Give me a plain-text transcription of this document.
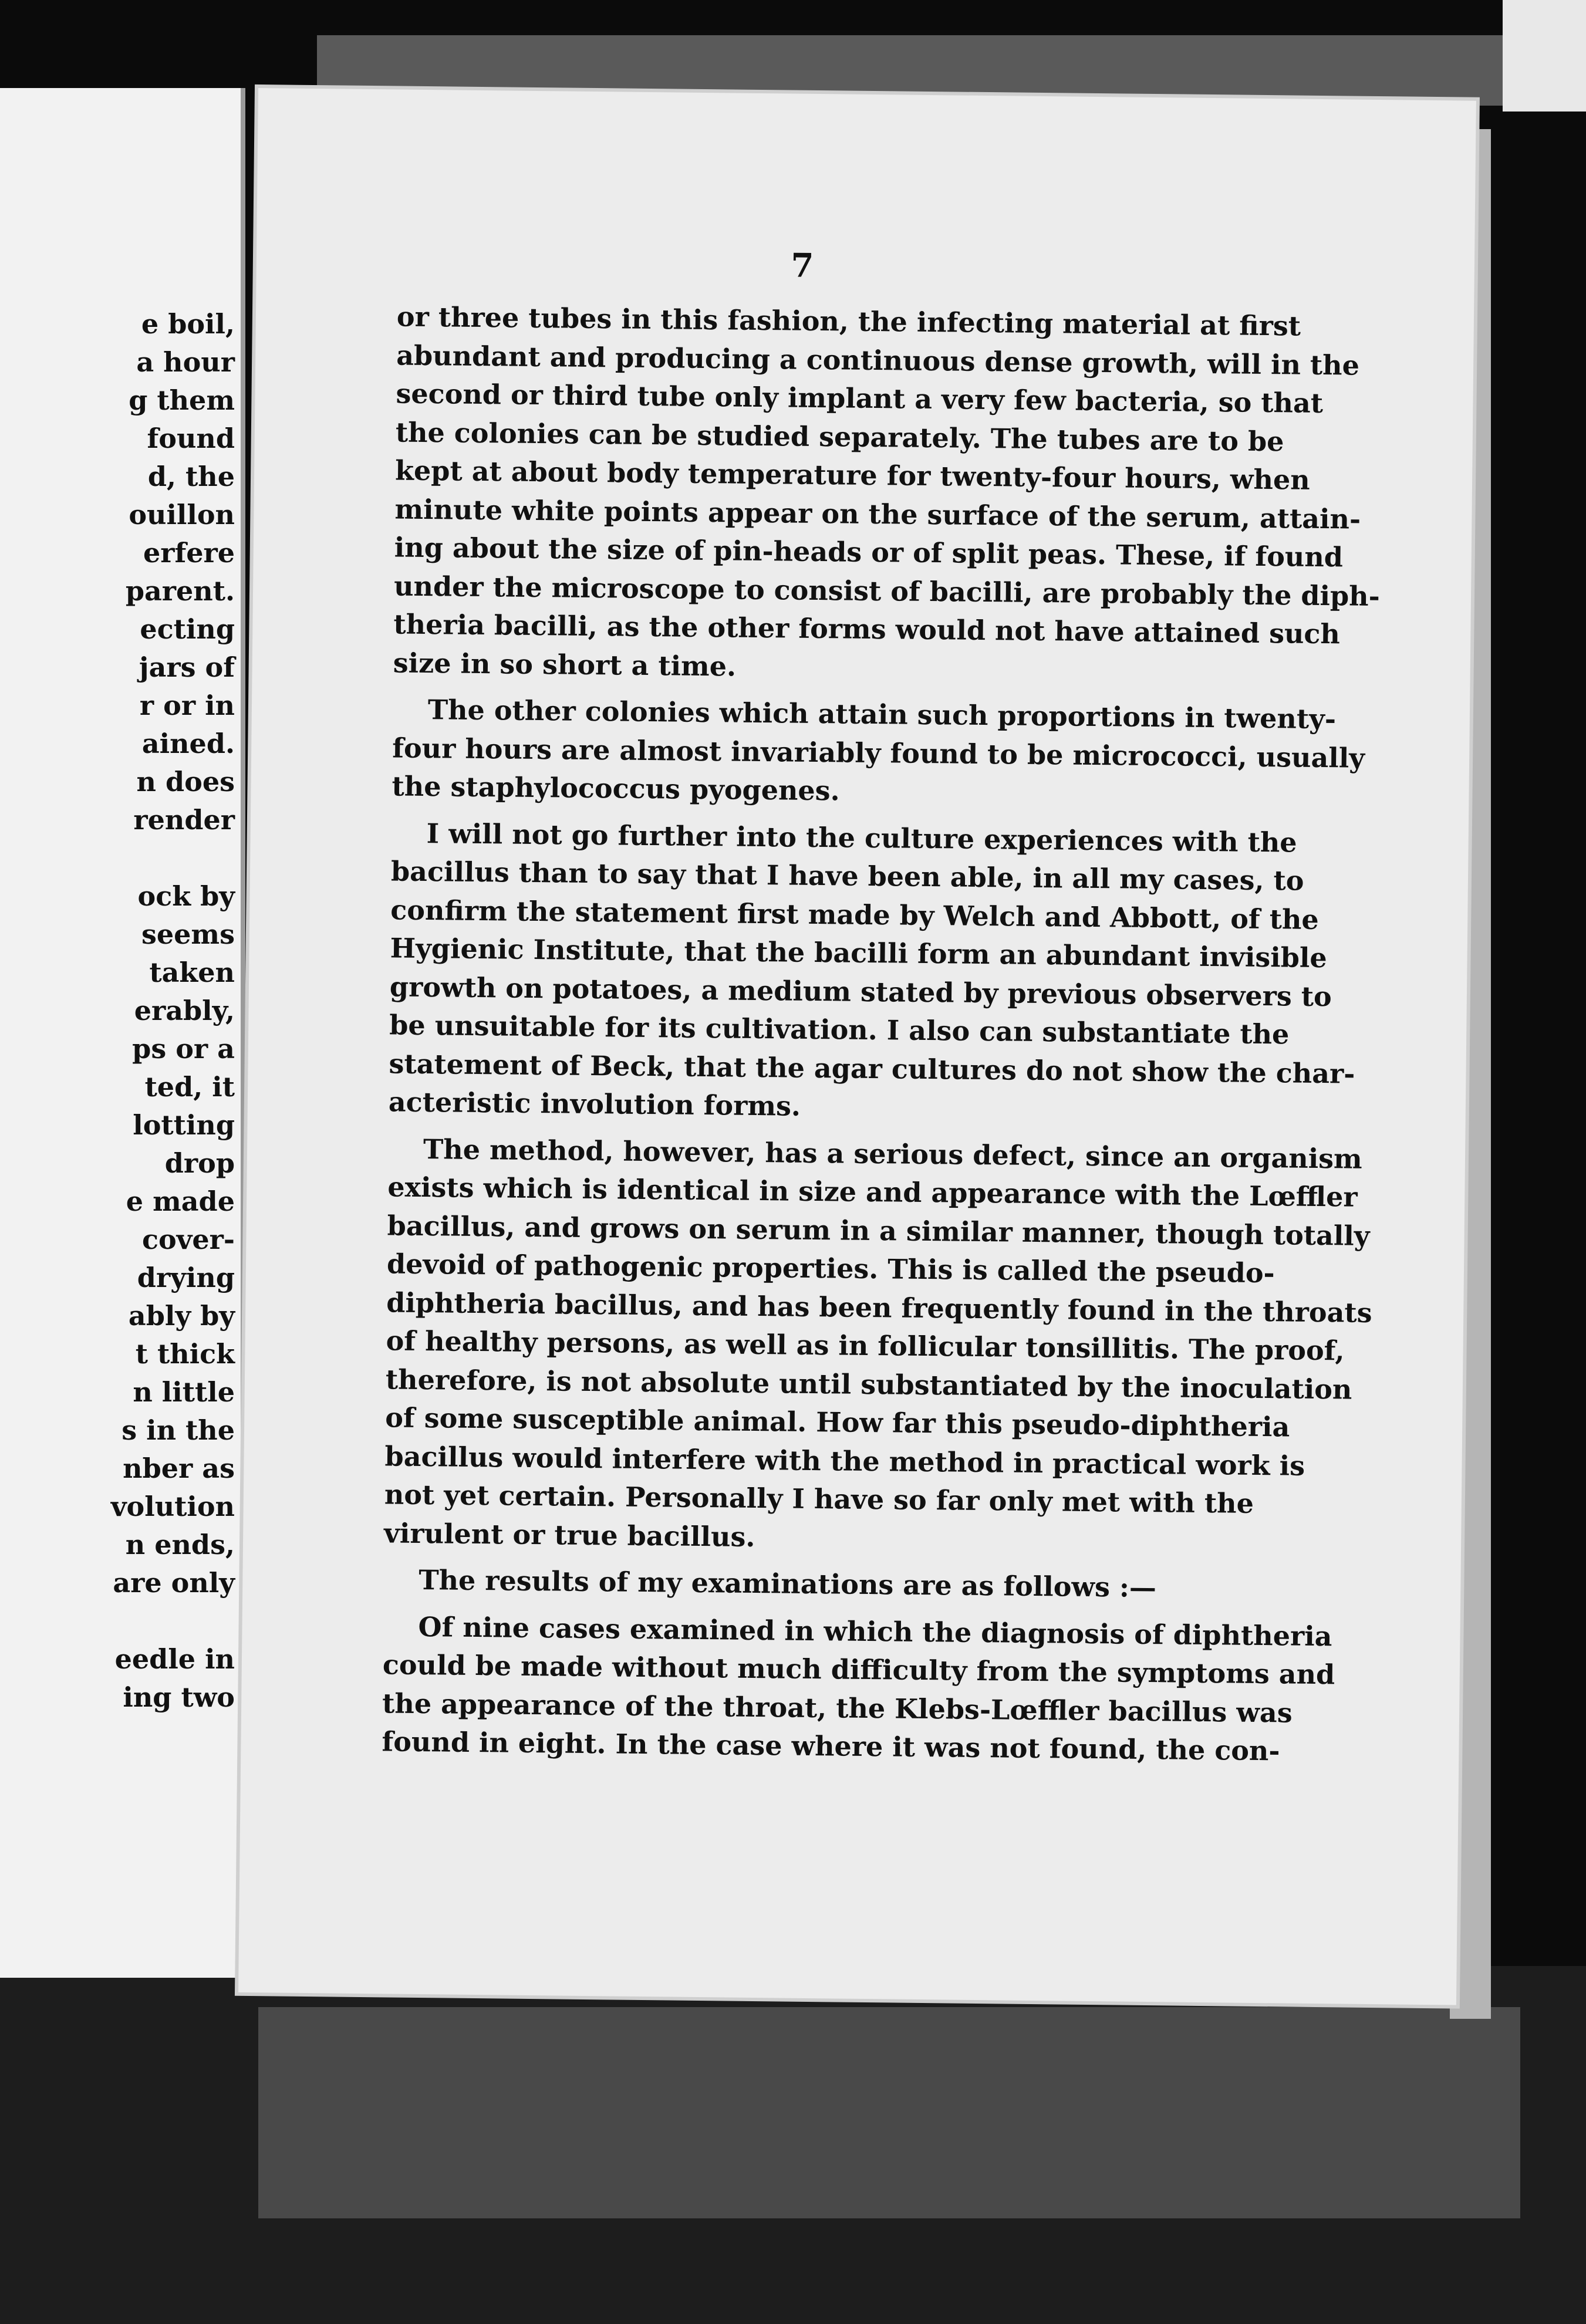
e boil,
a hour
g them
found
d, the
ouillon
erfere
parent.
ecting
jars of
r or in
ained.
n does
render
ock by
seems
taken
erably,
ps or a
ted, it
lotting
drop
e made
cover-
drying
ably by
t thick
n little
s in the
nber as
volution
n ends,
are only
eedle in
ing two
7
or three tubes in this fashion, the infecting material at first
abundant and producing a continuous dense growth, will in the
second or third tube only implant a very few bacteria, so that
the colonies can be studied separately. The tubes are to be
kept at about body temperature for twenty-four hours, when
minute white points appear on the surface of the serum, attain-
ing about the size of pin-heads or of split peas. These, if found
under the microscope to consist of bacilli, are probably the diph-
theria bacilli, as the other forms would not have attained such
size in so short a time.
The other colonies which attain such proportions in twenty-
four hours are almost invariably found to be micrococci, usually
the staphylococcus pyogenes.
I will not go further into the culture experiences with the
bacillus than to say that I have been able, in all my cases, to
confirm the statement first made by Welch and Abbott, of the
Hygienic Institute, that the bacilli form an abundant invisible
growth on potatoes, a medium stated by previous observers to
be unsuitable for its cultivation. I also can substantiate the
statement of Beck, that the agar cultures do not show the char-
acteristic involution forms.
The method, however, has a serious defect, since an organism
exists which is identical in size and appearance with the Lœffler
bacillus, and grows on serum in a similar manner, though totally
devoid of pathogenic properties. This is called the pseudo-
diphtheria bacillus, and has been frequently found in the throats
of healthy persons, as well as in follicular tonsillitis. The proof,
therefore, is not absolute until substantiated by the inoculation
of some susceptible animal. How far this pseudo-diphtheria
bacillus would interfere with the method in practical work is
not yet certain. Personally I have so far only met with the
virulent or true bacillus.
The results of my examinations are as follows :—
Of nine cases examined in which the diagnosis of diphtheria
could be made without much difficulty from the symptoms and
the appearance of the throat, the Klebs-Lœffler bacillus was
found in eight. In the case where it was not found, the con-
